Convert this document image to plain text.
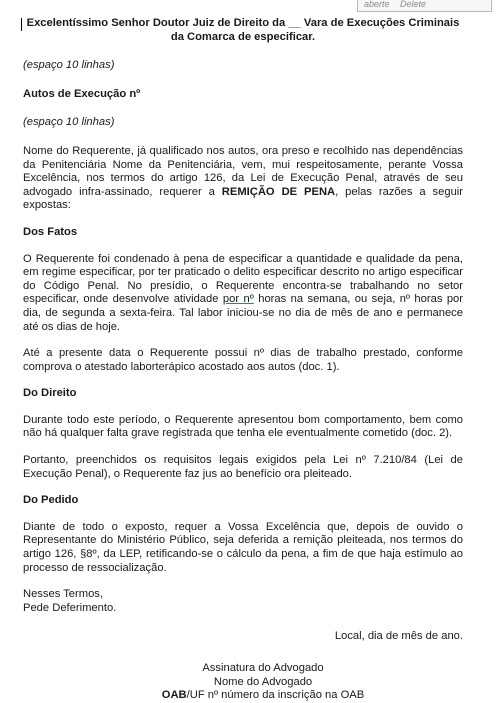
aberte Delete

Excelentíssimo Senhor Doutor Juiz de Direito da __ Vara de Execuções Criminais da Comarca de especificar.

(espaço 10 linhas)

Autos de Execução nº

(espaço 10 linhas)

Nome do Requerente, já qualificado nos autos, ora preso e recolhido nas dependências da Penitenciária Nome da Penitenciária, vem, mui respeitosamente, perante Vossa Excelência, nos termos do artigo 126, da Lei de Execução Penal, através de seu advogado infra-assinado, requerer a REMIÇÃO DE PENA, pelas razões a seguir expostas:

Dos Fatos

O Requerente foi condenado à pena de especificar a quantidade e qualidade da pena, em regime especificar, por ter praticado o delito especificar descrito no artigo especificar do Código Penal. No presídio, o Requerente encontra-se trabalhando no setor especificar, onde desenvolve atividade por nº horas na semana, ou seja, nº horas por dia, de segunda a sexta-feira. Tal labor iniciou-se no dia de mês de ano e permanece até os dias de hoje.

Até a presente data o Requerente possui nº dias de trabalho prestado, conforme comprova o atestado laborterápico acostado aos autos (doc. 1).

Do Direito

Durante todo este período, o Requerente apresentou bom comportamento, bem como não há qualquer falta grave registrada que tenha ele eventualmente cometido (doc. 2).

Portanto, preenchidos os requisitos legais exigidos pela Lei nº 7.210/84 (Lei de Execução Penal), o Requerente faz jus ao benefício ora pleiteado.

Do Pedido

Diante de todo o exposto, requer a Vossa Excelência que, depois de ouvido o Representante do Ministério Público, seja deferida a remição pleiteada, nos termos do artigo 126, §8º, da LEP, retificando-se o cálculo da pena, a fim de que haja estímulo ao processo de ressocialização.

Nesses Termos,
Pede Deferimento.

Local, dia de mês de ano.

Assinatura do Advogado
Nome do Advogado
OAB/UF nº número da inscrição na OAB
